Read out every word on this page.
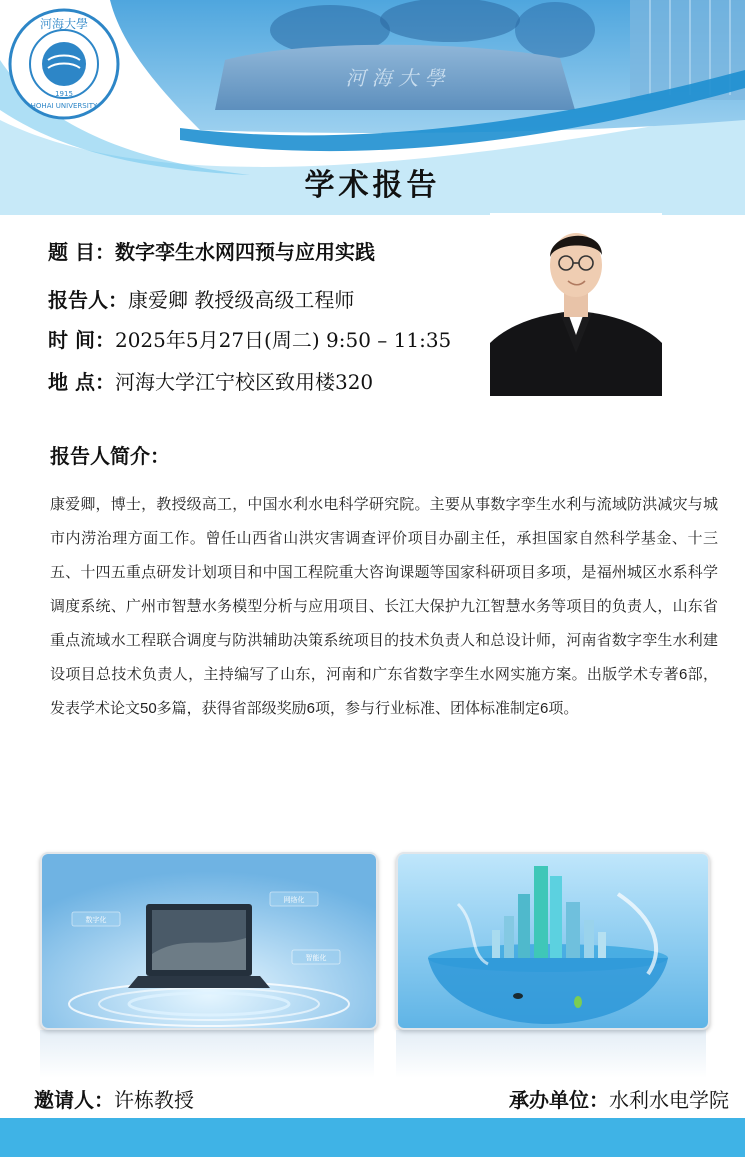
河 海 大 學
河海大學
HOHAI UNIVERSITY
1915
学术报告
题 目：数字孪生水网四预与应用实践
报告人：康爱卿 教授级高级工程师
时 间：2025年5月27日(周二) 9:50 – 11:35
地 点：河海大学江宁校区致用楼320
报告人简介：
康爱卿，博士，教授级高工，中国水利水电科学研究院。主要从事数字孪生水利与流域防洪减灾与城市内涝治理方面工作。曾任山西省山洪灾害调查评价项目办副主任，承担国家自然科学基金、十三五、十四五重点研发计划项目和中国工程院重大咨询课题等国家科研项目多项，是福州城区水系科学调度系统、广州市智慧水务模型分析与应用项目、长江大保护九江智慧水务等项目的负责人，山东省重点流域水工程联合调度与防洪辅助决策系统项目的技术负责人和总设计师，河南省数字孪生水利建设项目总技术负责人，主持编写了山东，河南和广东省数字孪生水网实施方案。出版学术专著6部，发表学术论文50多篇，获得省部级奖励6项，参与行业标准、团体标准制定6项。
数字化
网络化
智能化
邀请人：许栋教授	承办单位：水利水电学院
